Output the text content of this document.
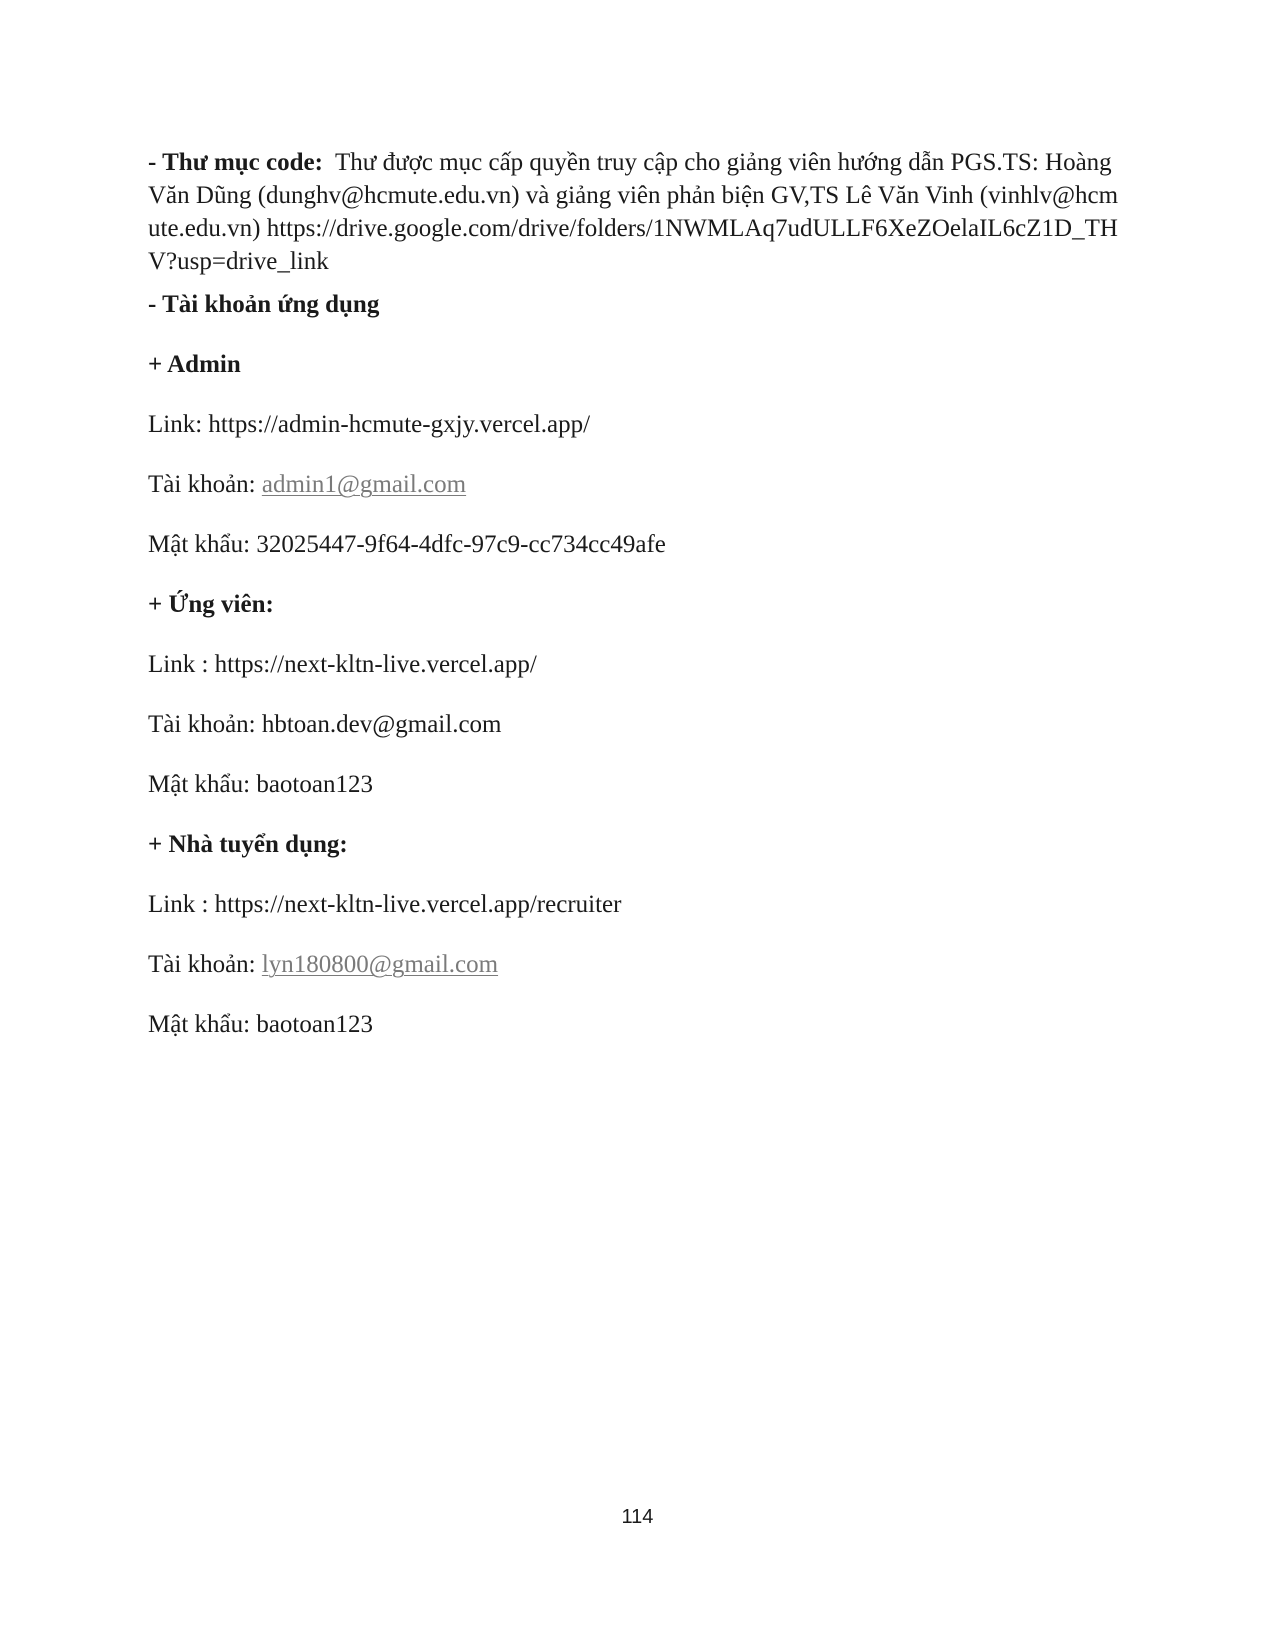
- Thư mục code: Thư được mục cấp quyền truy cập cho giảng viên hướng dẫn PGS.TS: Hoàng Văn Dũng (dunghv@hcmute.edu.vn) và giảng viên phản biện GV,TS Lê Văn Vinh (vinhlv@hcmute.edu.vn) https://drive.google.com/drive/folders/1NWMLAq7udULLF6XeZOelaIL6cZ1D_THV?usp=drive_link

- Tài khoản ứng dụng

+ Admin

Link: https://admin-hcmute-gxjy.vercel.app/

Tài khoản: admin1@gmail.com

Mật khẩu: 32025447-9f64-4dfc-97c9-cc734cc49afe

+ Ứng viên:

Link : https://next-kltn-live.vercel.app/

Tài khoản: hbtoan.dev@gmail.com

Mật khẩu: baotoan123

+ Nhà tuyển dụng:

Link : https://next-kltn-live.vercel.app/recruiter

Tài khoản: lyn180800@gmail.com

Mật khẩu: baotoan123

114
